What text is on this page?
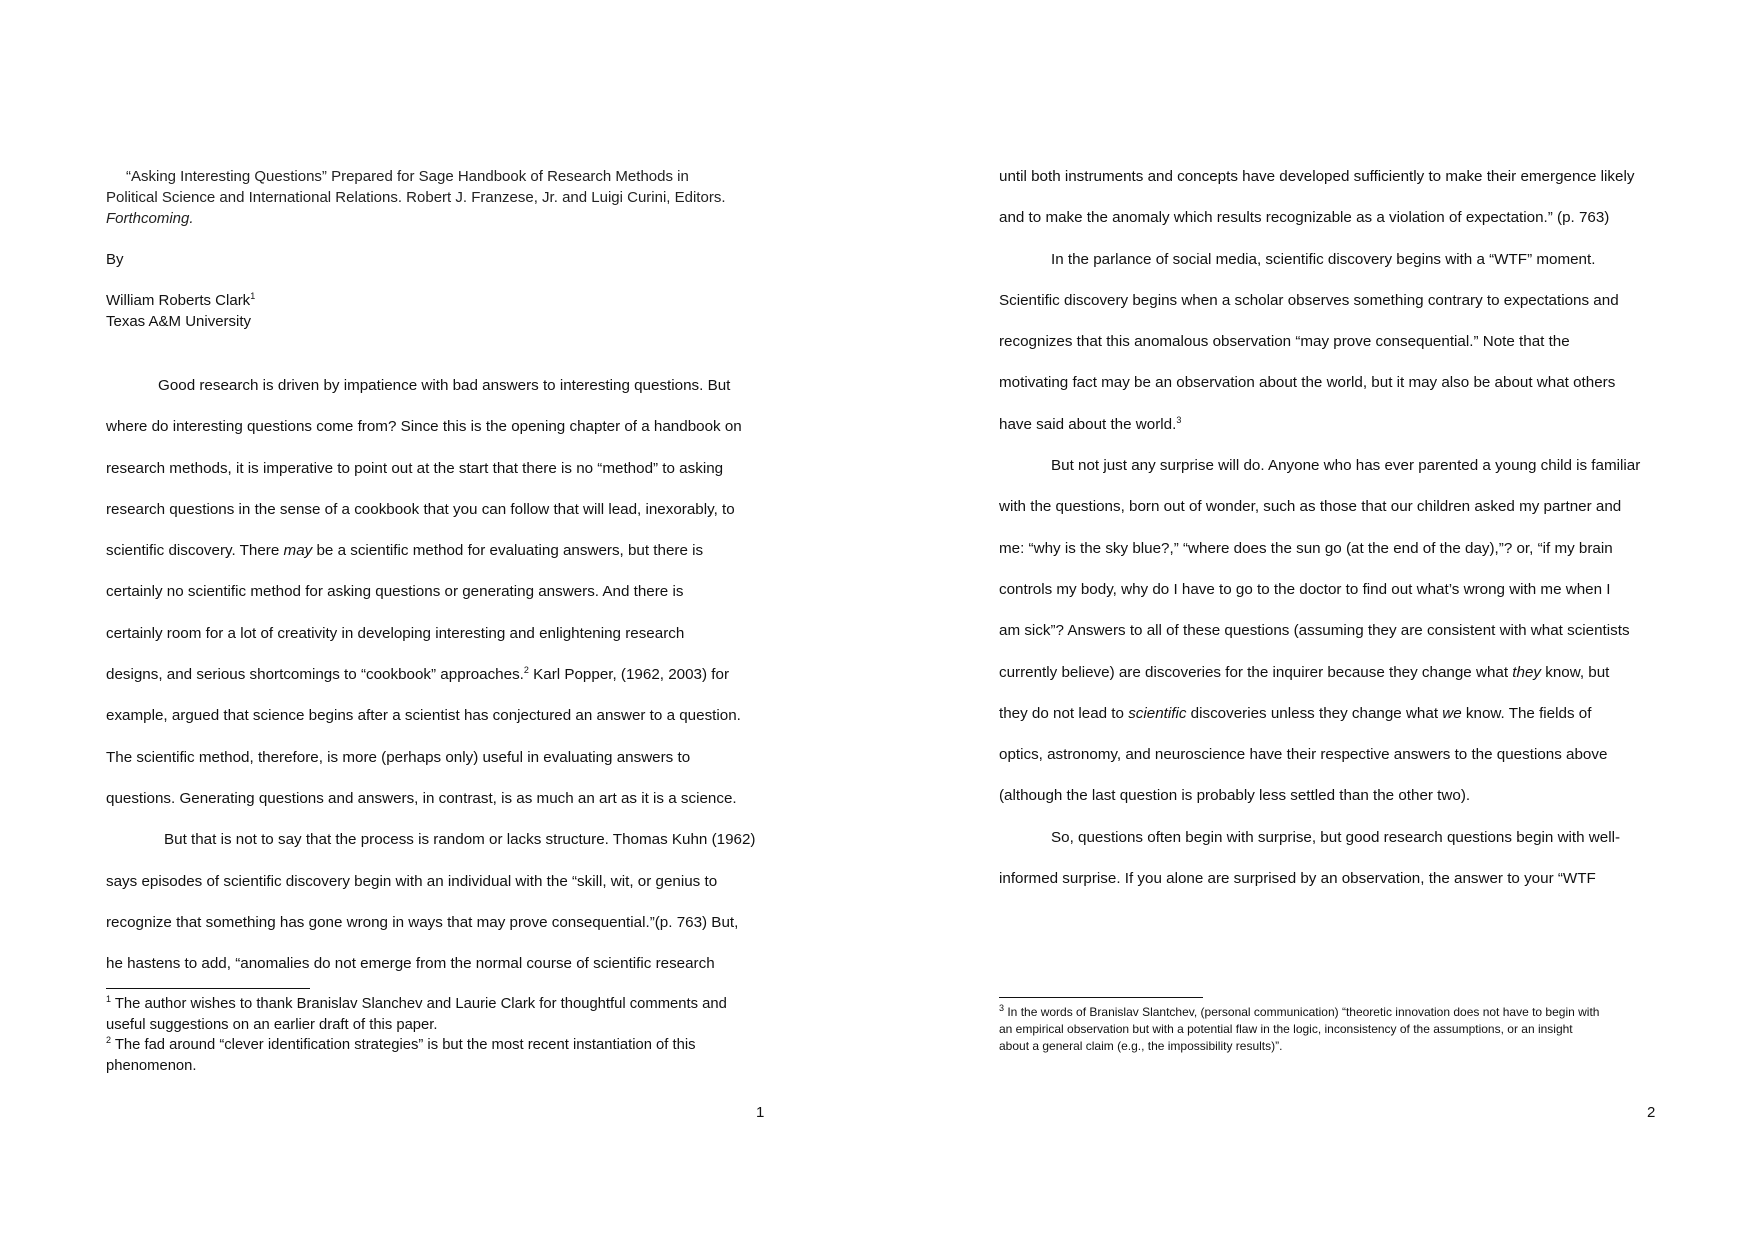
“Asking Interesting Questions” Prepared for Sage Handbook of Research Methods in
Political Science and International Relations. Robert J. Franzese, Jr. and Luigi Curini, Editors.
Forthcoming.
By
William Roberts Clark$^1$
Texas A&M University
Good research is driven by impatience with bad answers to interesting questions. But
where do interesting questions come from? Since this is the opening chapter of a handbook on
research methods, it is imperative to point out at the start that there is no “method” to asking
research questions in the sense of a cookbook that you can follow that will lead, inexorably, to
scientific discovery. There may be a scientific method for evaluating answers, but there is
certainly no scientific method for asking questions or generating answers. And there is
certainly room for a lot of creativity in developing interesting and enlightening research
designs, and serious shortcomings to “cookbook” approaches.$^2$ Karl Popper, (1962, 2003) for
example, argued that science begins after a scientist has conjectured an answer to a question.
The scientific method, therefore, is more (perhaps only) useful in evaluating answers to
questions. Generating questions and answers, in contrast, is as much an art as it is a science.
But that is not to say that the process is random or lacks structure. Thomas Kuhn (1962)
says episodes of scientific discovery begin with an individual with the “skill, wit, or genius to
recognize that something has gone wrong in ways that may prove consequential.”(p. 763) But,
he hastens to add, “anomalies do not emerge from the normal course of scientific research
$^1$ The author wishes to thank Branislav Slanchev and Laurie Clark for thoughtful comments and
useful suggestions on an earlier draft of this paper.
$^2$ The fad around “clever identification strategies” is but the most recent instantiation of this
phenomenon.
1
until both instruments and concepts have developed sufficiently to make their emergence likely
and to make the anomaly which results recognizable as a violation of expectation.” (p. 763)
In the parlance of social media, scientific discovery begins with a “WTF” moment.
Scientific discovery begins when a scholar observes something contrary to expectations and
recognizes that this anomalous observation “may prove consequential.” Note that the
motivating fact may be an observation about the world, but it may also be about what others
have said about the world.$^3$
But not just any surprise will do. Anyone who has ever parented a young child is familiar
with the questions, born out of wonder, such as those that our children asked my partner and
me: “why is the sky blue?,” “where does the sun go (at the end of the day),”? or, “if my brain
controls my body, why do I have to go to the doctor to find out what’s wrong with me when I
am sick”? Answers to all of these questions (assuming they are consistent with what scientists
currently believe) are discoveries for the inquirer because they change what they know, but
they do not lead to scientific discoveries unless they change what we know. The fields of
optics, astronomy, and neuroscience have their respective answers to the questions above
(although the last question is probably less settled than the other two).
So, questions often begin with surprise, but good research questions begin with well-
informed surprise. If you alone are surprised by an observation, the answer to your “WTF
$^3$ In the words of Branislav Slantchev, (personal communication) “theoretic innovation does not have to begin with
an empirical observation but with a potential flaw in the logic, inconsistency of the assumptions, or an insight
about a general claim (e.g., the impossibility results)”.
2
